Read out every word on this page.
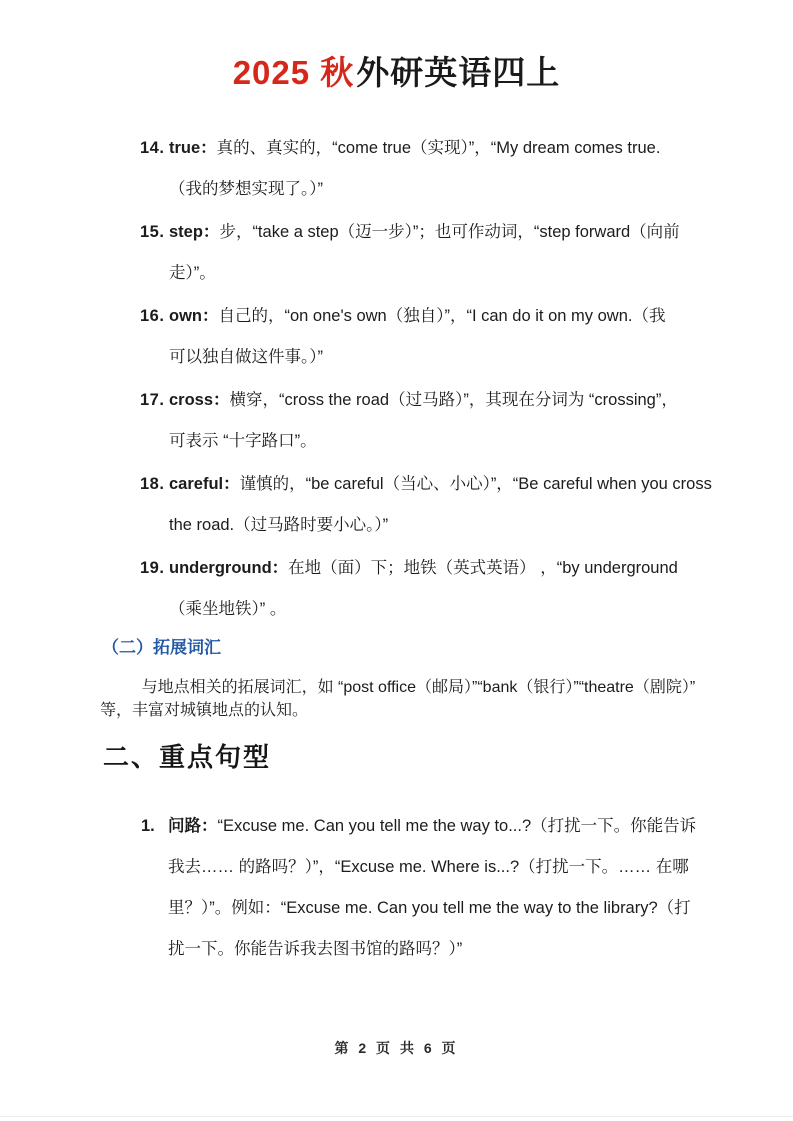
2025 秋外研英语四上
14. true：真的、真实的，“come true（实现）”，“My dream comes true.
（我的梦想实现了。）”
15. step：步，“take a step（迈一步）”；也可作动词，“step forward（向前
走）”。
16. own：自己的，“on one's own（独自）”，“I can do it on my own.（我
可以独自做这件事。）”
17. cross：横穿，“cross the road（过马路）”，其现在分词为 “crossing”，
可表示 “十字路口”。
18. careful：谨慎的，“be careful（当心、小心）”，“Be careful when you cross
the road.（过马路时要小心。）”
19. underground：在地（面）下；地铁（英式英语） ，“by underground
（乘坐地铁）” 。
（二）拓展词汇

与地点相关的拓展词汇，如 “post office（邮局）”“bank（银行）”“theatre（剧院）” 等，丰富对城镇地点的认知。

二、重点句型
1. 问路：“Excuse me. Can you tell me the way to...?（打扰一下。你能告诉
我去…… 的路吗？）”，“Excuse me. Where is...?（打扰一下。…… 在哪
里？）”。例如：“Excuse me. Can you tell me the way to the library?（打
扰一下。你能告诉我去图书馆的路吗？）”
第 2 页 共 6 页
